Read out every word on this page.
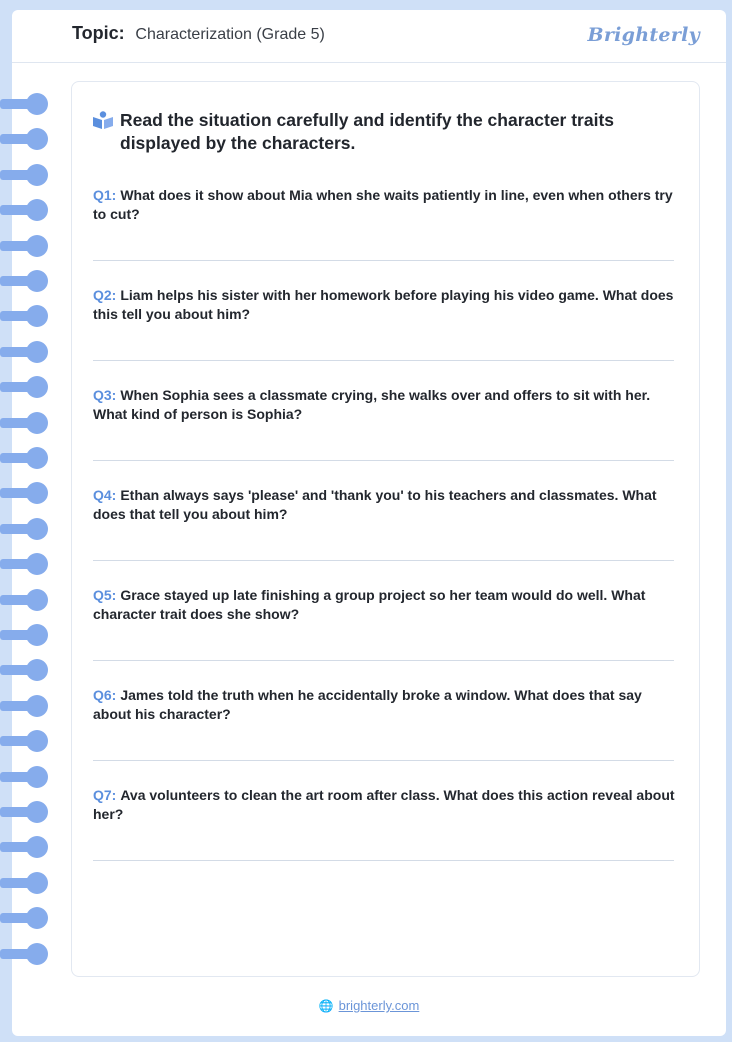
Topic: Characterization (Grade 5)	Brighterly
Read the situation carefully and identify the character traits displayed by the characters.
Q1: What does it show about Mia when she waits patiently in line, even when others try to cut?
Q2: Liam helps his sister with her homework before playing his video game. What does this tell you about him?
Q3: When Sophia sees a classmate crying, she walks over and offers to sit with her. What kind of person is Sophia?
Q4: Ethan always says 'please' and 'thank you' to his teachers and classmates. What does that tell you about him?
Q5: Grace stayed up late finishing a group project so her team would do well. What character trait does she show?
Q6: James told the truth when he accidentally broke a window. What does that say about his character?
Q7: Ava volunteers to clean the art room after class. What does this action reveal about her?
🌐 brighterly.com
